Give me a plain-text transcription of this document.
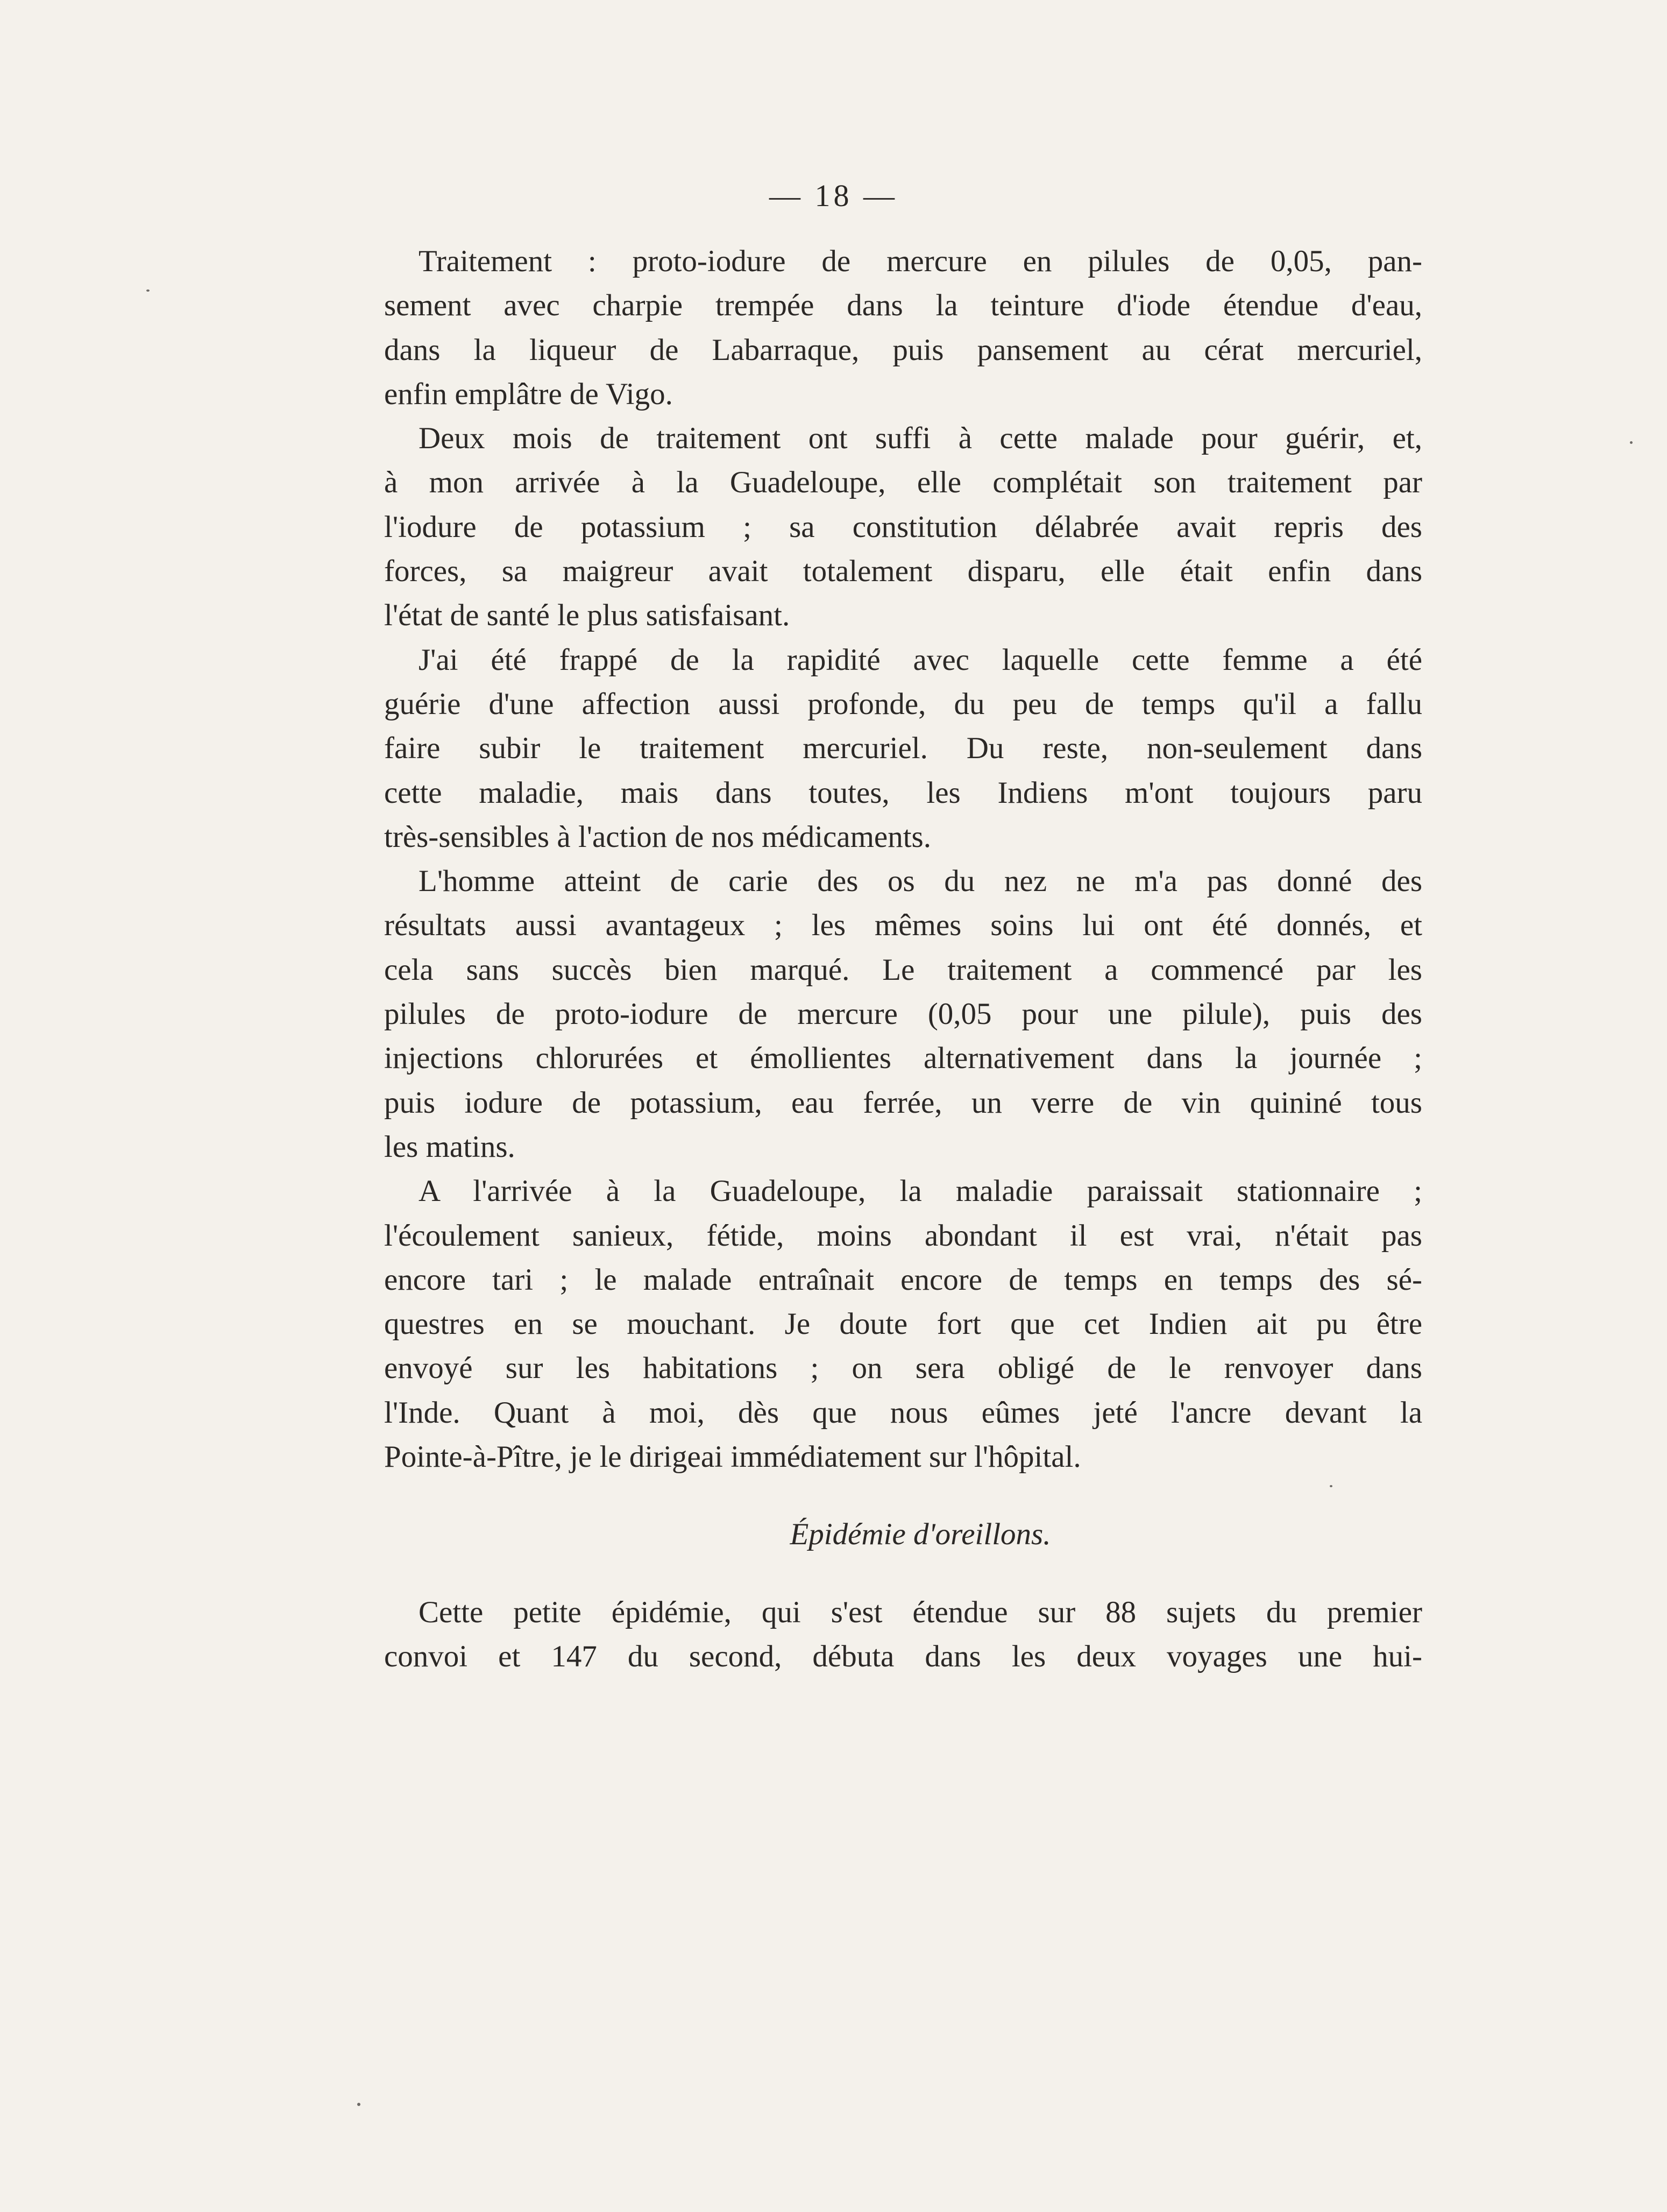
— 18 —
Traitement : proto-iodure de mercure en pilules de 0,05, pan-
sement avec charpie trempée dans la teinture d'iode étendue d'eau,
dans la liqueur de Labarraque, puis pansement au cérat mercuriel,
enfin emplâtre de Vigo.
Deux mois de traitement ont suffi à cette malade pour guérir, et,
à mon arrivée à la Guadeloupe, elle complétait son traitement par
l'iodure de potassium ; sa constitution délabrée avait repris des
forces, sa maigreur avait totalement disparu, elle était enfin dans
l'état de santé le plus satisfaisant.
J'ai été frappé de la rapidité avec laquelle cette femme a été
guérie d'une affection aussi profonde, du peu de temps qu'il a fallu
faire subir le traitement mercuriel. Du reste, non-seulement dans
cette maladie, mais dans toutes, les Indiens m'ont toujours paru
très-sensibles à l'action de nos médicaments.
L'homme atteint de carie des os du nez ne m'a pas donné des
résultats aussi avantageux ; les mêmes soins lui ont été donnés, et
cela sans succès bien marqué. Le traitement a commencé par les
pilules de proto-iodure de mercure (0,05 pour une pilule), puis des
injections chlorurées et émollientes alternativement dans la journée ;
puis iodure de potassium, eau ferrée, un verre de vin quininé tous
les matins.
A l'arrivée à la Guadeloupe, la maladie paraissait stationnaire ;
l'écoulement sanieux, fétide, moins abondant il est vrai, n'était pas
encore tari ; le malade entraînait encore de temps en temps des sé-
questres en se mouchant. Je doute fort que cet Indien ait pu être
envoyé sur les habitations ; on sera obligé de le renvoyer dans
l'Inde. Quant à moi, dès que nous eûmes jeté l'ancre devant la
Pointe-à-Pître, je le dirigeai immédiatement sur l'hôpital.
Épidémie d'oreillons.
Cette petite épidémie, qui s'est étendue sur 88 sujets du premier
convoi et 147 du second, débuta dans les deux voyages une hui-
